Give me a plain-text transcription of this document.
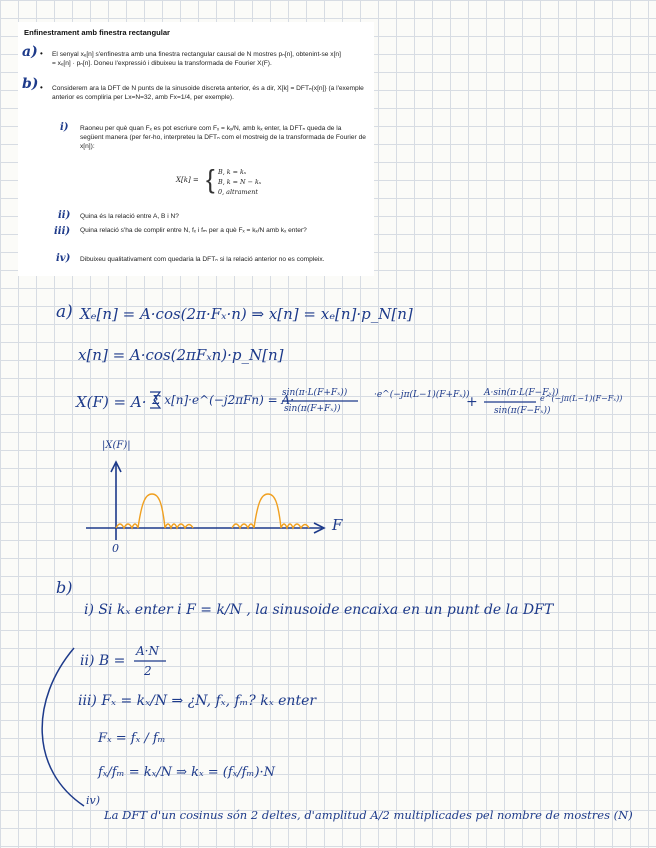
Enfinestrament amb finestra rectangular
a) • El senyal xₑ[n] s'enfinestra amb una finestra rectangular causal de N mostres pₙ[n], obtenint-se x[n] = xₑ[n] · pₙ[n]. Doneu l'expressió i dibuixeu la transformada de Fourier X(F).
b) • Considerem ara la DFT de N punts de la sinusoide discreta anterior, és a dir, X[k] = DFTₙ{x[n]} (a l'exemple anterior es compliria per Lx=N=32, amb Fx=1/4, per exemple).
i) Raoneu per què quan Fₓ es pot escriure com Fₓ = kₓ/N, amb kₓ enter, la DFTₙ queda de la següent manera (per fer-ho, interpreteu la DFTₙ com el mostreig de la transformada de Fourier de x[n]):
X[k] = { B, k = kₓ
B, k = N − kₓ
0, altrament
ii) Quina és la relació entre A, B i N?
iii) Quina relació s'ha de complir entre N, fₓ i fₘ per a què Fₓ = kₓ/N amb kₓ enter?
iv) Dibuixeu qualitativament com quedaria la DFTₙ si la relació anterior no es compleix.
a) Xₑ[n] = A·cos(2π·Fₓ·n) ⇒ x[n] = xₑ[n]·p_N[n]
x[n] = A·cos(2πFₓn)·p_N[n]
X(F) = A· Σ x[n]·e^(−j2πFn) = A·
sin(π·L(F+Fₓ))
sin(π(F+Fₓ))
·e^(−jπ(L−1)(F+Fₓ))
+
A·sin(π·L(F−Fₓ))
sin(π(F−Fₓ))
e^(−jπ(L−1)(F−Fₓ))
|X(F)|
F
0
b)
i) Si kₓ enter i F = k/N , la sinusoide encaixa en un punt de la DFT
ii) B =
A·N
2
iii) Fₓ = kₓ/N ⇒ ¿N, fₓ, fₘ? kₓ enter
Fₓ = fₓ / fₘ
fₓ/fₘ = kₓ/N ⇒ kₓ = (fₓ/fₘ)·N
iv)
La DFT d'un cosinus són 2 deltes, d'amplitud A/2 multiplicades pel nombre de mostres (N)
